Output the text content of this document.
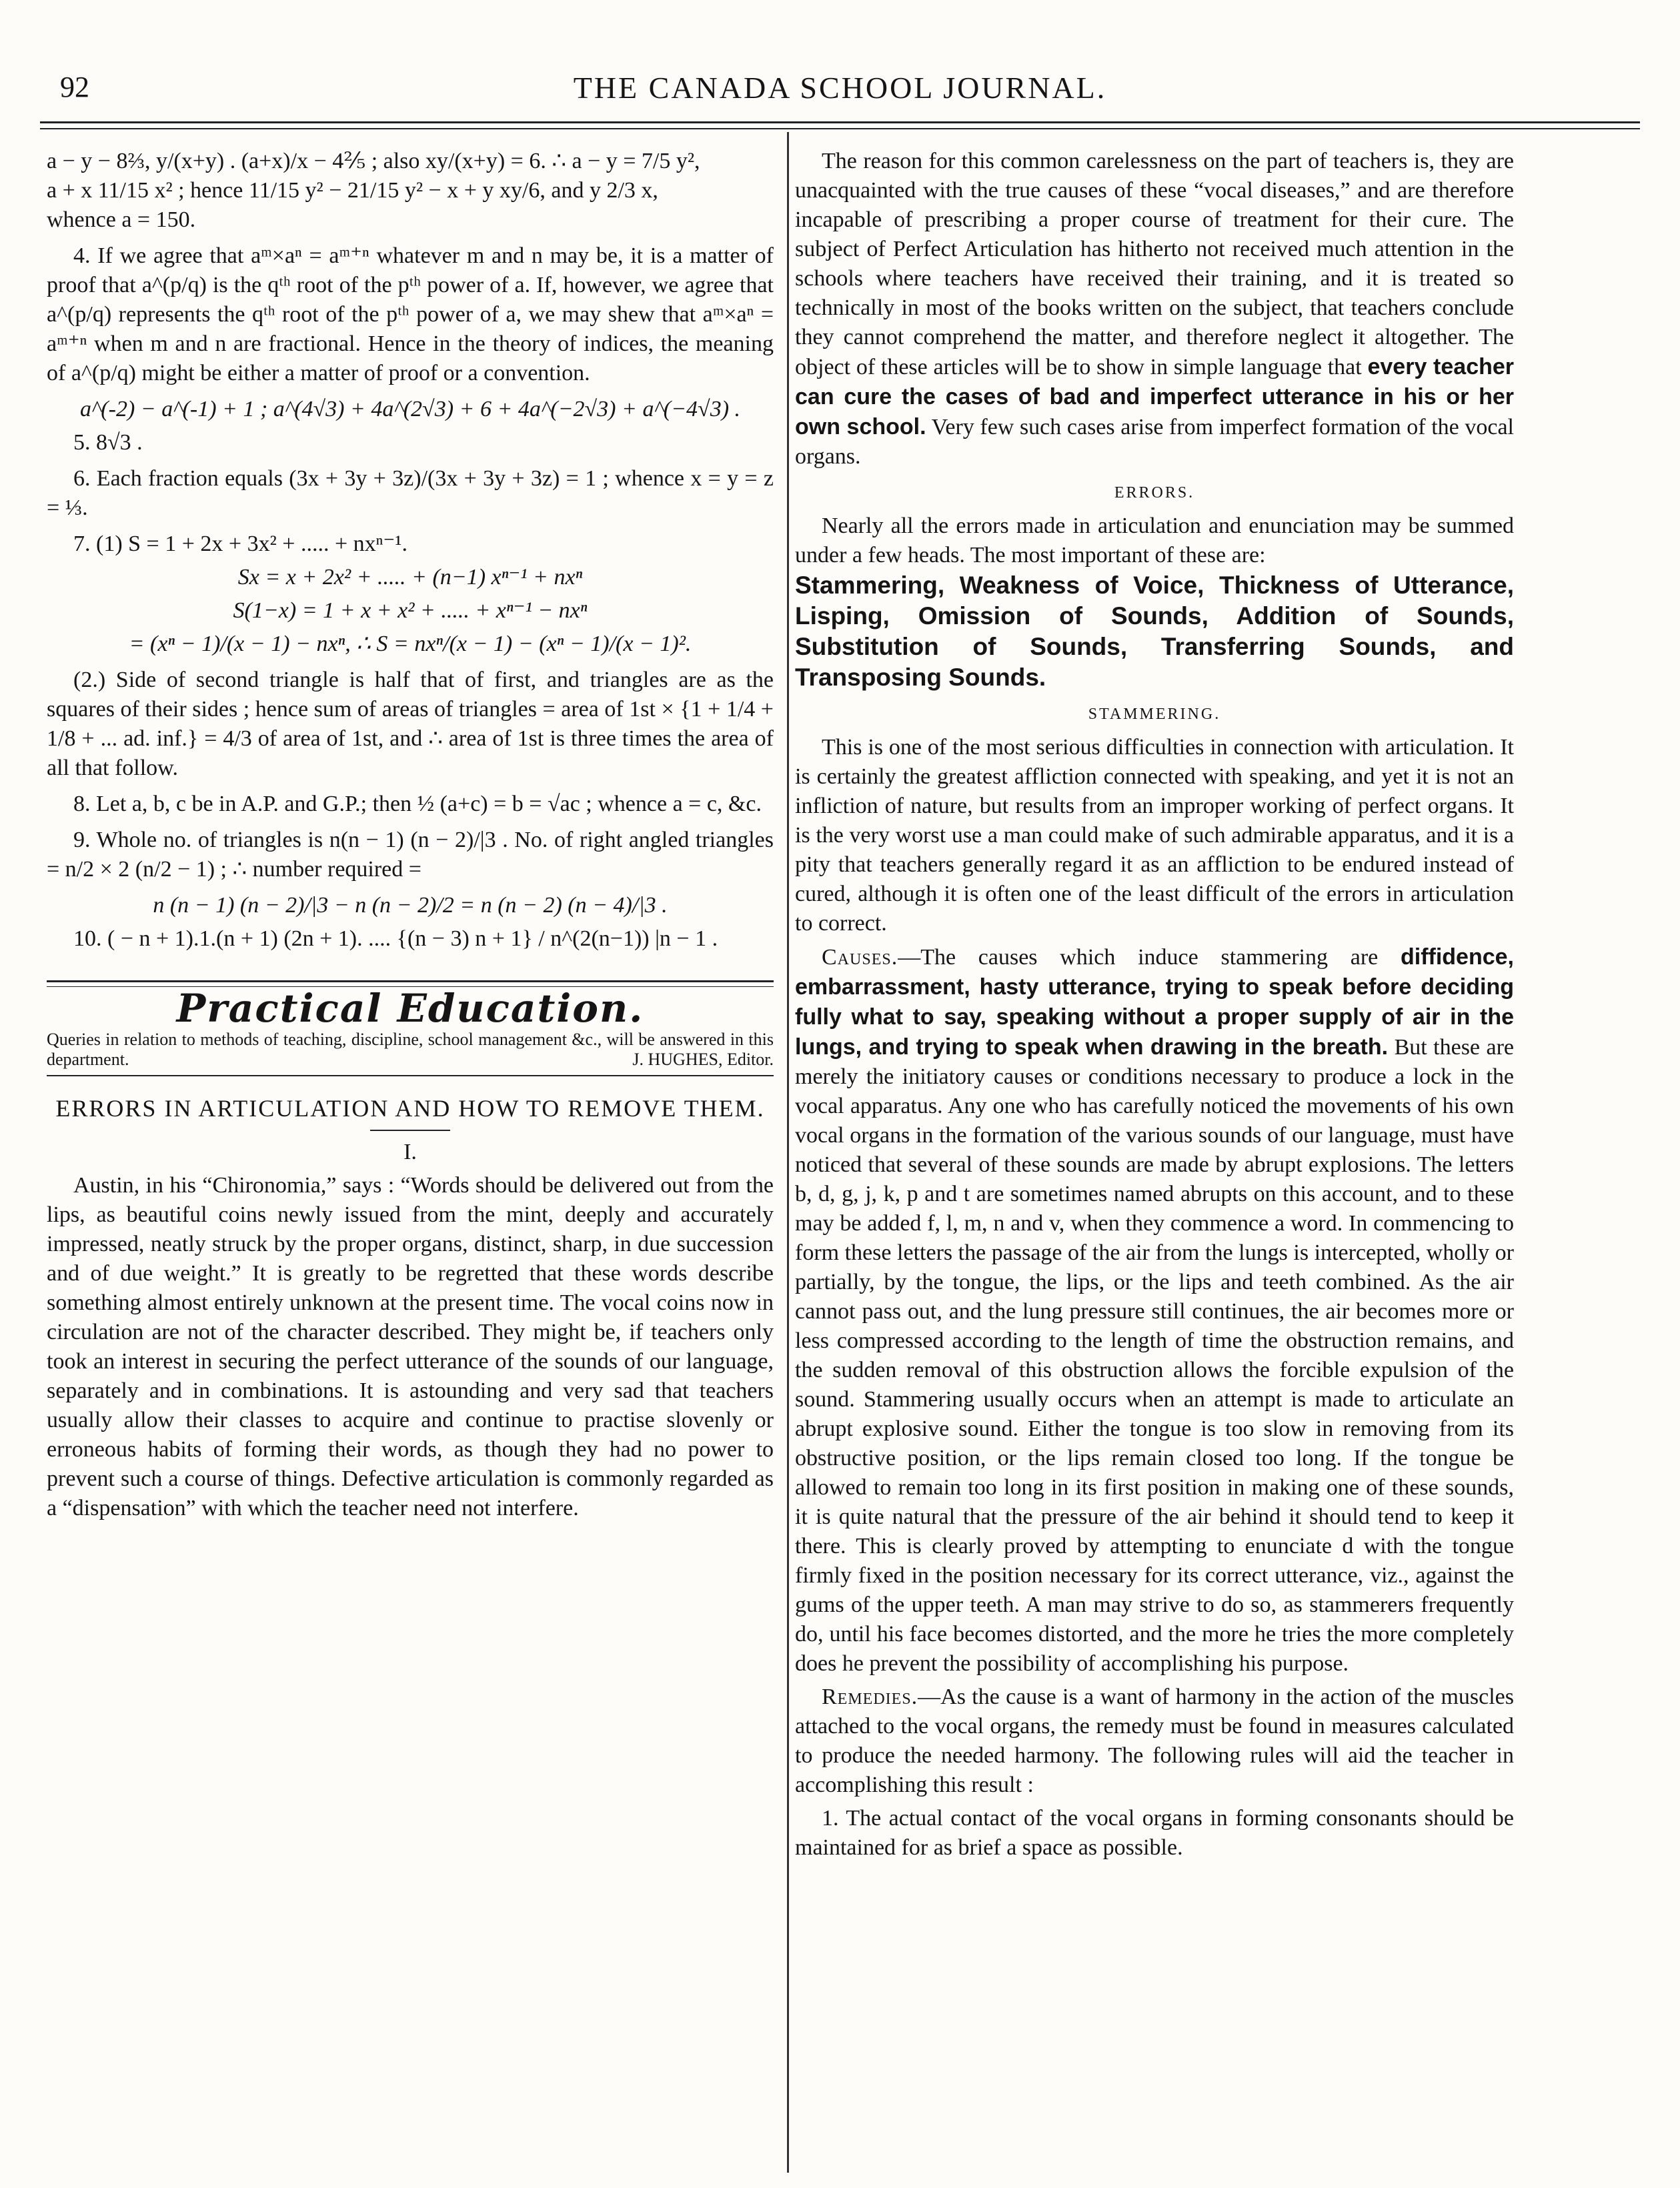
92	THE CANADA SCHOOL JOURNAL.

a − y − 8⅔, y/(x+y) . (a+x)/x − 4⅖ ; also xy/(x+y) = 6. ∴ a − y = 7/5 y²,

a + x 11/15 x² ; hence 11/15 y² − 21/15 y² − x + y xy/6, and y 2/3 x,

whence a = 150.

4. If we agree that aᵐ×aⁿ = aᵐ⁺ⁿ whatever m and n may be, it is a matter of proof that a^(p/q) is the qᵗʰ root of the pᵗʰ power of a. If, however, we agree that a^(p/q) represents the qᵗʰ root of the pᵗʰ power of a, we may shew that aᵐ×aⁿ = aᵐ⁺ⁿ when m and n are fractional. Hence in the theory of indices, the meaning of a^(p/q) might be either a matter of proof or a convention.

a^(-2) − a^(-1) + 1 ; a^(4√3) + 4a^(2√3) + 6 + 4a^(−2√3) + a^(−4√3) .

5. 8√3 .

6. Each fraction equals (3x + 3y + 3z)/(3x + 3y + 3z) = 1 ; whence x = y = z = ⅓.

7. (1) S = 1 + 2x + 3x² + ..... + nxⁿ⁻¹.

Sx = x + 2x² + ..... + (n−1) xⁿ⁻¹ + nxⁿ

S(1−x) = 1 + x + x² + ..... + xⁿ⁻¹ − nxⁿ

= (xⁿ − 1)/(x − 1) − nxⁿ, ∴ S = nxⁿ/(x − 1) − (xⁿ − 1)/(x − 1)².

(2.) Side of second triangle is half that of first, and triangles are as the squares of their sides ; hence sum of areas of triangles = area of 1st × {1 + 1/4 + 1/8 + ... ad. inf.} = 4/3 of area of 1st, and ∴ area of 1st is three times the area of all that follow.

8. Let a, b, c be in A.P. and G.P.; then ½ (a+c) = b = √ac ; whence a = c, &c.

9. Whole no. of triangles is n(n − 1) (n − 2)/|3 . No. of right angled triangles = n/2 × 2 (n/2 − 1) ; ∴ number required =

n (n − 1) (n − 2)/|3 − n (n − 2)/2 = n (n − 2) (n − 4)/|3 .

10. ( − n + 1).1.(n + 1) (2n + 1). .... {(n − 3) n + 1} / n^(2(n−1)) |n − 1 .

Practical Education.
Queries in relation to methods of teaching, discipline, school management &c., will be answered in this department.	J. HUGHES, Editor.
ERRORS IN ARTICULATION AND HOW TO REMOVE THEM.
I.

Austin, in his “Chironomia,” says : “Words should be delivered out from the lips, as beautiful coins newly issued from the mint, deeply and accurately impressed, neatly struck by the proper organs, distinct, sharp, in due succession and of due weight.” It is greatly to be regretted that these words describe something almost entirely unknown at the present time. The vocal coins now in circulation are not of the character described. They might be, if teachers only took an interest in securing the perfect utterance of the sounds of our language, separately and in combinations. It is astounding and very sad that teachers usually allow their classes to acquire and continue to practise slovenly or erroneous habits of forming their words, as though they had no power to prevent such a course of things. Defective articulation is commonly regarded as a “dispensation” with which the teacher need not interfere.

The reason for this common carelessness on the part of teachers is, they are unacquainted with the true causes of these “vocal diseases,” and are therefore incapable of prescribing a proper course of treatment for their cure. The subject of Perfect Articulation has hitherto not received much attention in the schools where teachers have received their training, and it is treated so technically in most of the books written on the subject, that teachers conclude they cannot comprehend the matter, and therefore neglect it altogether. The object of these articles will be to show in simple language that every teacher can cure the cases of bad and imperfect utterance in his or her own school. Very few such cases arise from imperfect formation of the vocal organs.

ERRORS.

Nearly all the errors made in articulation and enunciation may be summed under a few heads. The most important of these are:

Stammering, Weakness of Voice, Thickness of Utterance, Lisping, Omission of Sounds, Addition of Sounds, Substitution of Sounds, Transferring Sounds, and Transposing Sounds.

STAMMERING.

This is one of the most serious difficulties in connection with articulation. It is certainly the greatest affliction connected with speaking, and yet it is not an infliction of nature, but results from an improper working of perfect organs. It is the very worst use a man could make of such admirable apparatus, and it is a pity that teachers generally regard it as an affliction to be endured instead of cured, although it is often one of the least difficult of the errors in articulation to correct.

Causes.—The causes which induce stammering are diffidence, embarrassment, hasty utterance, trying to speak before deciding fully what to say, speaking without a proper supply of air in the lungs, and trying to speak when drawing in the breath. But these are merely the initiatory causes or conditions necessary to produce a lock in the vocal apparatus. Any one who has carefully noticed the movements of his own vocal organs in the formation of the various sounds of our language, must have noticed that several of these sounds are made by abrupt explosions. The letters b, d, g, j, k, p and t are sometimes named abrupts on this account, and to these may be added f, l, m, n and v, when they commence a word. In commencing to form these letters the passage of the air from the lungs is intercepted, wholly or partially, by the tongue, the lips, or the lips and teeth combined. As the air cannot pass out, and the lung pressure still continues, the air becomes more or less compressed according to the length of time the obstruction remains, and the sudden removal of this obstruction allows the forcible expulsion of the sound. Stammering usually occurs when an attempt is made to articulate an abrupt explosive sound. Either the tongue is too slow in removing from its obstructive position, or the lips remain closed too long. If the tongue be allowed to remain too long in its first position in making one of these sounds, it is quite natural that the pressure of the air behind it should tend to keep it there. This is clearly proved by attempting to enunciate d with the tongue firmly fixed in the position necessary for its correct utterance, viz., against the gums of the upper teeth. A man may strive to do so, as stammerers frequently do, until his face becomes distorted, and the more he tries the more completely does he prevent the possibility of accomplishing his purpose.

Remedies.—As the cause is a want of harmony in the action of the muscles attached to the vocal organs, the remedy must be found in measures calculated to produce the needed harmony. The following rules will aid the teacher in accomplishing this result :

1. The actual contact of the vocal organs in forming consonants should be maintained for as brief a space as possible.
